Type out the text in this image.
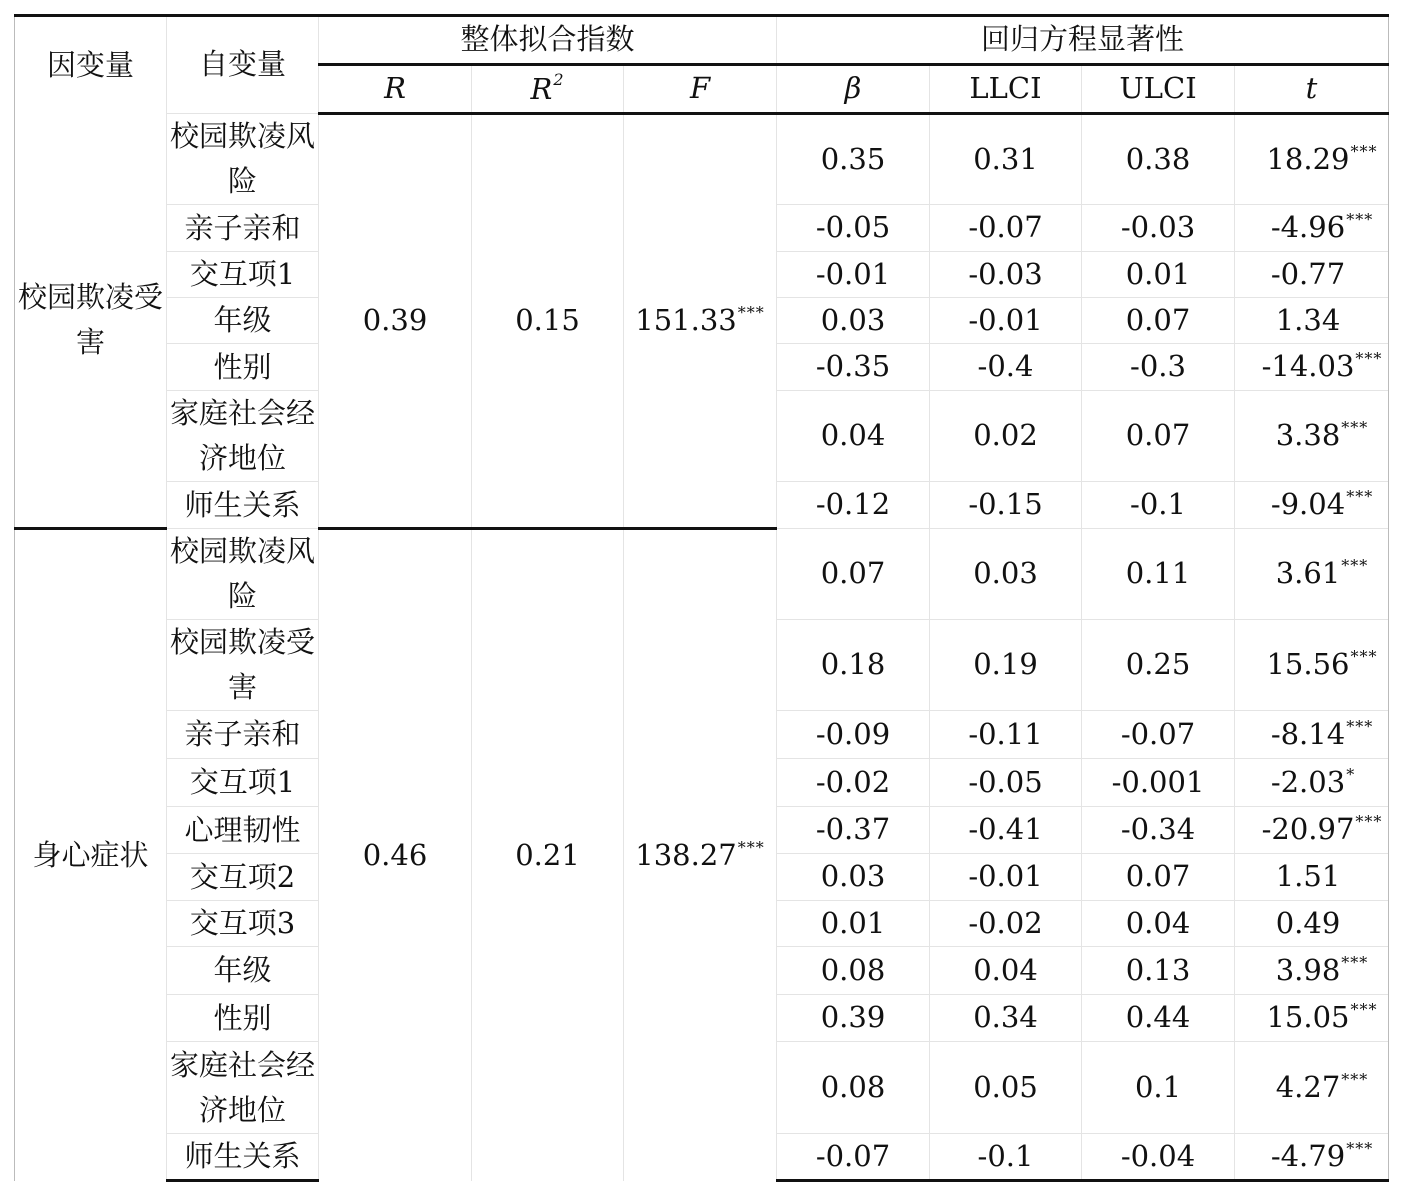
因变量	自变量	整体拟合指数			回归方程显著性			
		R	$R^2$	F	β	LLCI	ULCI	t
校园欺凌受害	校园欺凌风险	0.39	0.15	151.33***	0.35	0.31	0.38	18.29***
	亲子亲和				-0.05	-0.07	-0.03	-4.96***
	交互项1				-0.01	-0.03	0.01	-0.77
	年级				0.03	-0.01	0.07	1.34
	性别				-0.35	-0.4	-0.3	-14.03***
	家庭社会经济地位				0.04	0.02	0.07	3.38***
	师生关系				-0.12	-0.15	-0.1	-9.04***
身心症状	校园欺凌风险	0.46	0.21	138.27***	0.07	0.03	0.11	3.61***
	校园欺凌受害				0.18	0.19	0.25	15.56***
	亲子亲和				-0.09	-0.11	-0.07	-8.14***
	交互项1				-0.02	-0.05	-0.001	-2.03*
	心理韧性				-0.37	-0.41	-0.34	-20.97***
	交互项2				0.03	-0.01	0.07	1.51
	交互项3				0.01	-0.02	0.04	0.49
	年级				0.08	0.04	0.13	3.98***
	性别				0.39	0.34	0.44	15.05***
	家庭社会经济地位				0.08	0.05	0.1	4.27***
	师生关系				-0.07	-0.1	-0.04	-4.79***
